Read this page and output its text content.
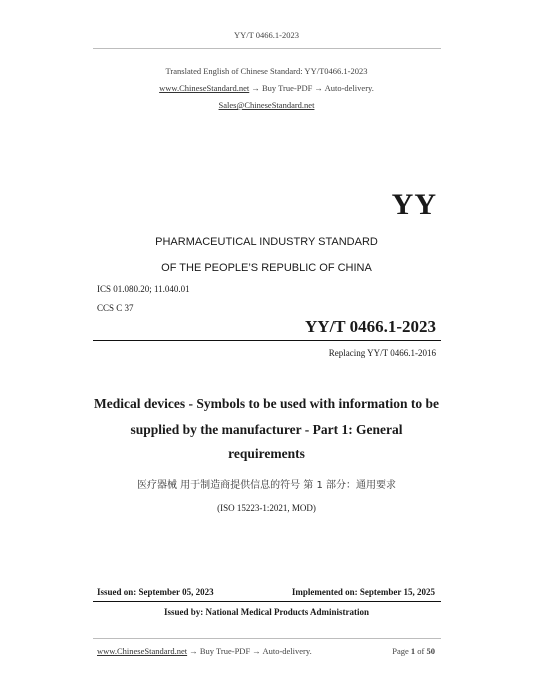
YY/T 0466.1-2023
Translated English of Chinese Standard: YY/T0466.1-2023
www.ChineseStandard.net → Buy True-PDF → Auto-delivery.
Sales@ChineseStandard.net
YY
PHARMACEUTICAL INDUSTRY STANDARD
OF THE PEOPLE’S REPUBLIC OF CHINA
ICS 01.080.20; 11.040.01
CCS C 37
YY/T 0466.1-2023
Replacing YY/T 0466.1-2016
Medical devices - Symbols to be used with information to be
supplied by the manufacturer - Part 1: General
requirements
医疗器械 用于制造商提供信息的符号 第 1 部分：通用要求
(ISO 15223-1:2021, MOD)
Issued on: September 05, 2023	Implemented on: September 15, 2025
Issued by: National Medical Products Administration
www.ChineseStandard.net → Buy True-PDF → Auto-delivery.	Page 1 of 50
